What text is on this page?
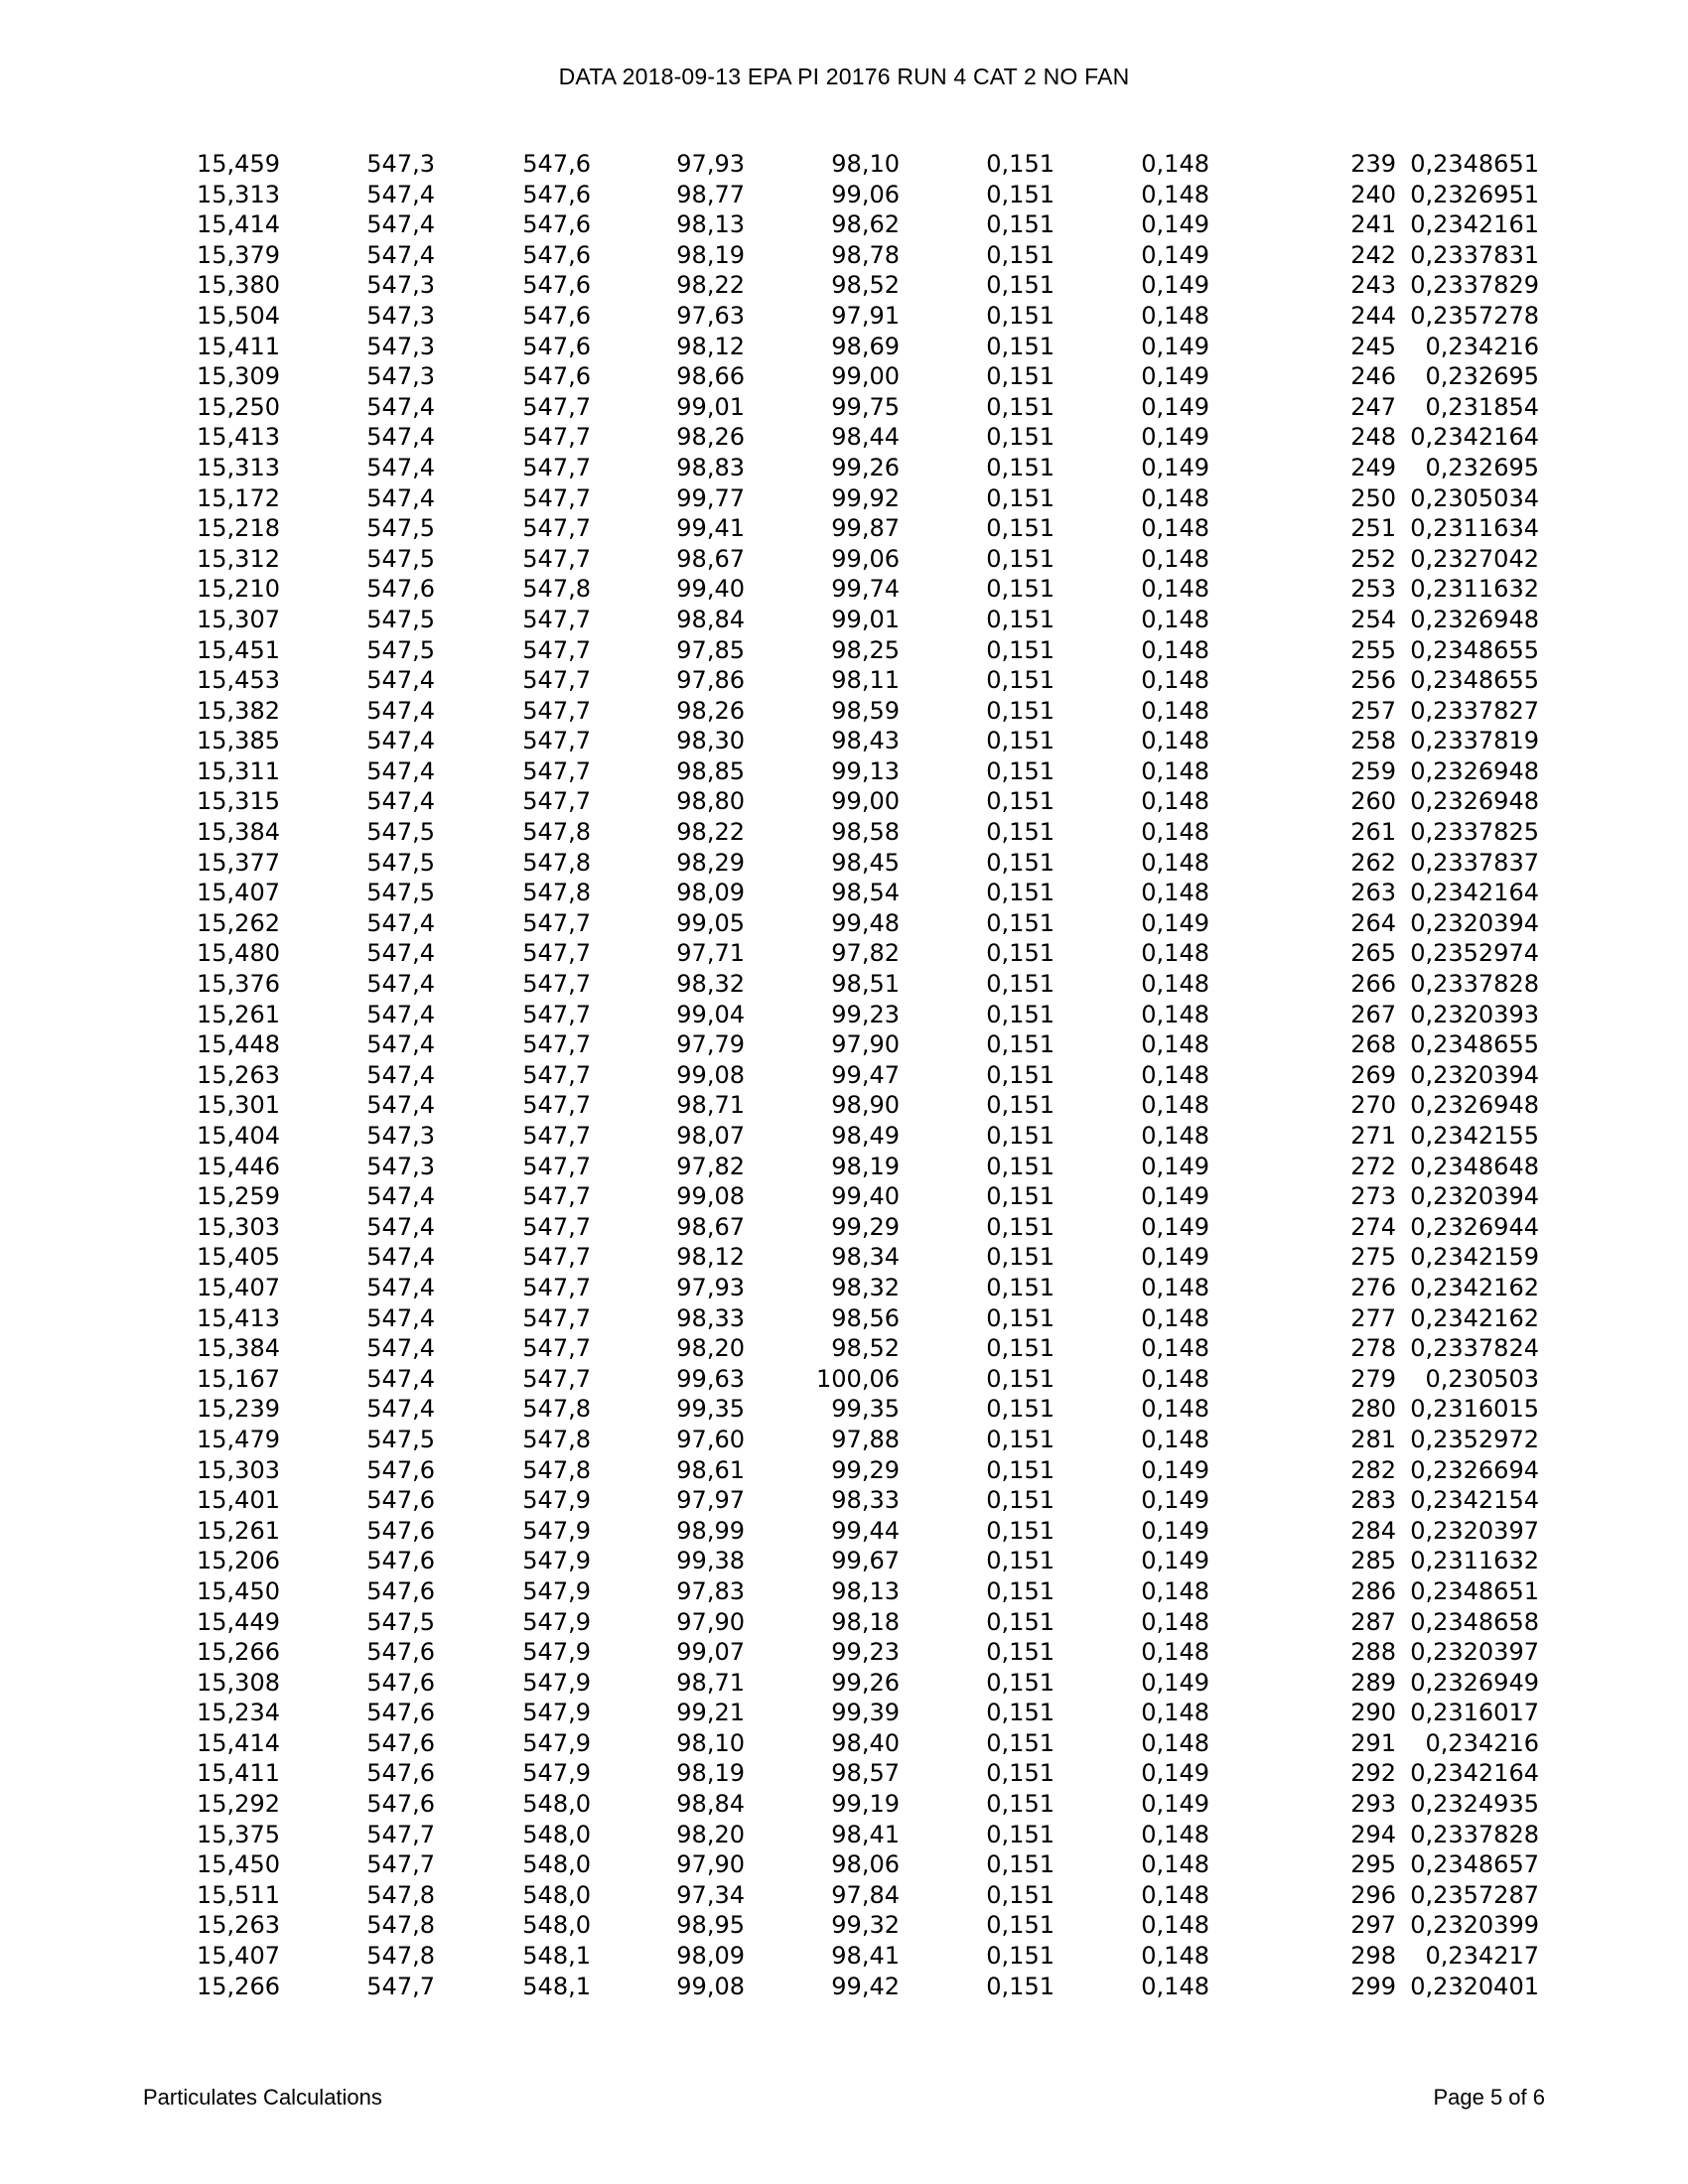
DATA 2018-09-13 EPA PI 20176 RUN 4 CAT 2 NO FAN
15,459	547,3	547,6	97,93	98,10	0,151	0,148	239	0,2348651
15,313	547,4	547,6	98,77	99,06	0,151	0,148	240	0,2326951
15,414	547,4	547,6	98,13	98,62	0,151	0,149	241	0,2342161
15,379	547,4	547,6	98,19	98,78	0,151	0,149	242	0,2337831
15,380	547,3	547,6	98,22	98,52	0,151	0,149	243	0,2337829
15,504	547,3	547,6	97,63	97,91	0,151	0,148	244	0,2357278
15,411	547,3	547,6	98,12	98,69	0,151	0,149	245	0,234216
15,309	547,3	547,6	98,66	99,00	0,151	0,149	246	0,232695
15,250	547,4	547,7	99,01	99,75	0,151	0,149	247	0,231854
15,413	547,4	547,7	98,26	98,44	0,151	0,149	248	0,2342164
15,313	547,4	547,7	98,83	99,26	0,151	0,149	249	0,232695
15,172	547,4	547,7	99,77	99,92	0,151	0,148	250	0,2305034
15,218	547,5	547,7	99,41	99,87	0,151	0,148	251	0,2311634
15,312	547,5	547,7	98,67	99,06	0,151	0,148	252	0,2327042
15,210	547,6	547,8	99,40	99,74	0,151	0,148	253	0,2311632
15,307	547,5	547,7	98,84	99,01	0,151	0,148	254	0,2326948
15,451	547,5	547,7	97,85	98,25	0,151	0,148	255	0,2348655
15,453	547,4	547,7	97,86	98,11	0,151	0,148	256	0,2348655
15,382	547,4	547,7	98,26	98,59	0,151	0,148	257	0,2337827
15,385	547,4	547,7	98,30	98,43	0,151	0,148	258	0,2337819
15,311	547,4	547,7	98,85	99,13	0,151	0,148	259	0,2326948
15,315	547,4	547,7	98,80	99,00	0,151	0,148	260	0,2326948
15,384	547,5	547,8	98,22	98,58	0,151	0,148	261	0,2337825
15,377	547,5	547,8	98,29	98,45	0,151	0,148	262	0,2337837
15,407	547,5	547,8	98,09	98,54	0,151	0,148	263	0,2342164
15,262	547,4	547,7	99,05	99,48	0,151	0,149	264	0,2320394
15,480	547,4	547,7	97,71	97,82	0,151	0,148	265	0,2352974
15,376	547,4	547,7	98,32	98,51	0,151	0,148	266	0,2337828
15,261	547,4	547,7	99,04	99,23	0,151	0,148	267	0,2320393
15,448	547,4	547,7	97,79	97,90	0,151	0,148	268	0,2348655
15,263	547,4	547,7	99,08	99,47	0,151	0,148	269	0,2320394
15,301	547,4	547,7	98,71	98,90	0,151	0,148	270	0,2326948
15,404	547,3	547,7	98,07	98,49	0,151	0,148	271	0,2342155
15,446	547,3	547,7	97,82	98,19	0,151	0,149	272	0,2348648
15,259	547,4	547,7	99,08	99,40	0,151	0,149	273	0,2320394
15,303	547,4	547,7	98,67	99,29	0,151	0,149	274	0,2326944
15,405	547,4	547,7	98,12	98,34	0,151	0,149	275	0,2342159
15,407	547,4	547,7	97,93	98,32	0,151	0,148	276	0,2342162
15,413	547,4	547,7	98,33	98,56	0,151	0,148	277	0,2342162
15,384	547,4	547,7	98,20	98,52	0,151	0,148	278	0,2337824
15,167	547,4	547,7	99,63	100,06	0,151	0,148	279	0,230503
15,239	547,4	547,8	99,35	99,35	0,151	0,148	280	0,2316015
15,479	547,5	547,8	97,60	97,88	0,151	0,148	281	0,2352972
15,303	547,6	547,8	98,61	99,29	0,151	0,149	282	0,2326694
15,401	547,6	547,9	97,97	98,33	0,151	0,149	283	0,2342154
15,261	547,6	547,9	98,99	99,44	0,151	0,149	284	0,2320397
15,206	547,6	547,9	99,38	99,67	0,151	0,149	285	0,2311632
15,450	547,6	547,9	97,83	98,13	0,151	0,148	286	0,2348651
15,449	547,5	547,9	97,90	98,18	0,151	0,148	287	0,2348658
15,266	547,6	547,9	99,07	99,23	0,151	0,148	288	0,2320397
15,308	547,6	547,9	98,71	99,26	0,151	0,149	289	0,2326949
15,234	547,6	547,9	99,21	99,39	0,151	0,148	290	0,2316017
15,414	547,6	547,9	98,10	98,40	0,151	0,148	291	0,234216
15,411	547,6	547,9	98,19	98,57	0,151	0,149	292	0,2342164
15,292	547,6	548,0	98,84	99,19	0,151	0,149	293	0,2324935
15,375	547,7	548,0	98,20	98,41	0,151	0,148	294	0,2337828
15,450	547,7	548,0	97,90	98,06	0,151	0,148	295	0,2348657
15,511	547,8	548,0	97,34	97,84	0,151	0,148	296	0,2357287
15,263	547,8	548,0	98,95	99,32	0,151	0,148	297	0,2320399
15,407	547,8	548,1	98,09	98,41	0,151	0,148	298	0,234217
15,266	547,7	548,1	99,08	99,42	0,151	0,148	299	0,2320401
Particulates Calculations	Page 5 of 6
